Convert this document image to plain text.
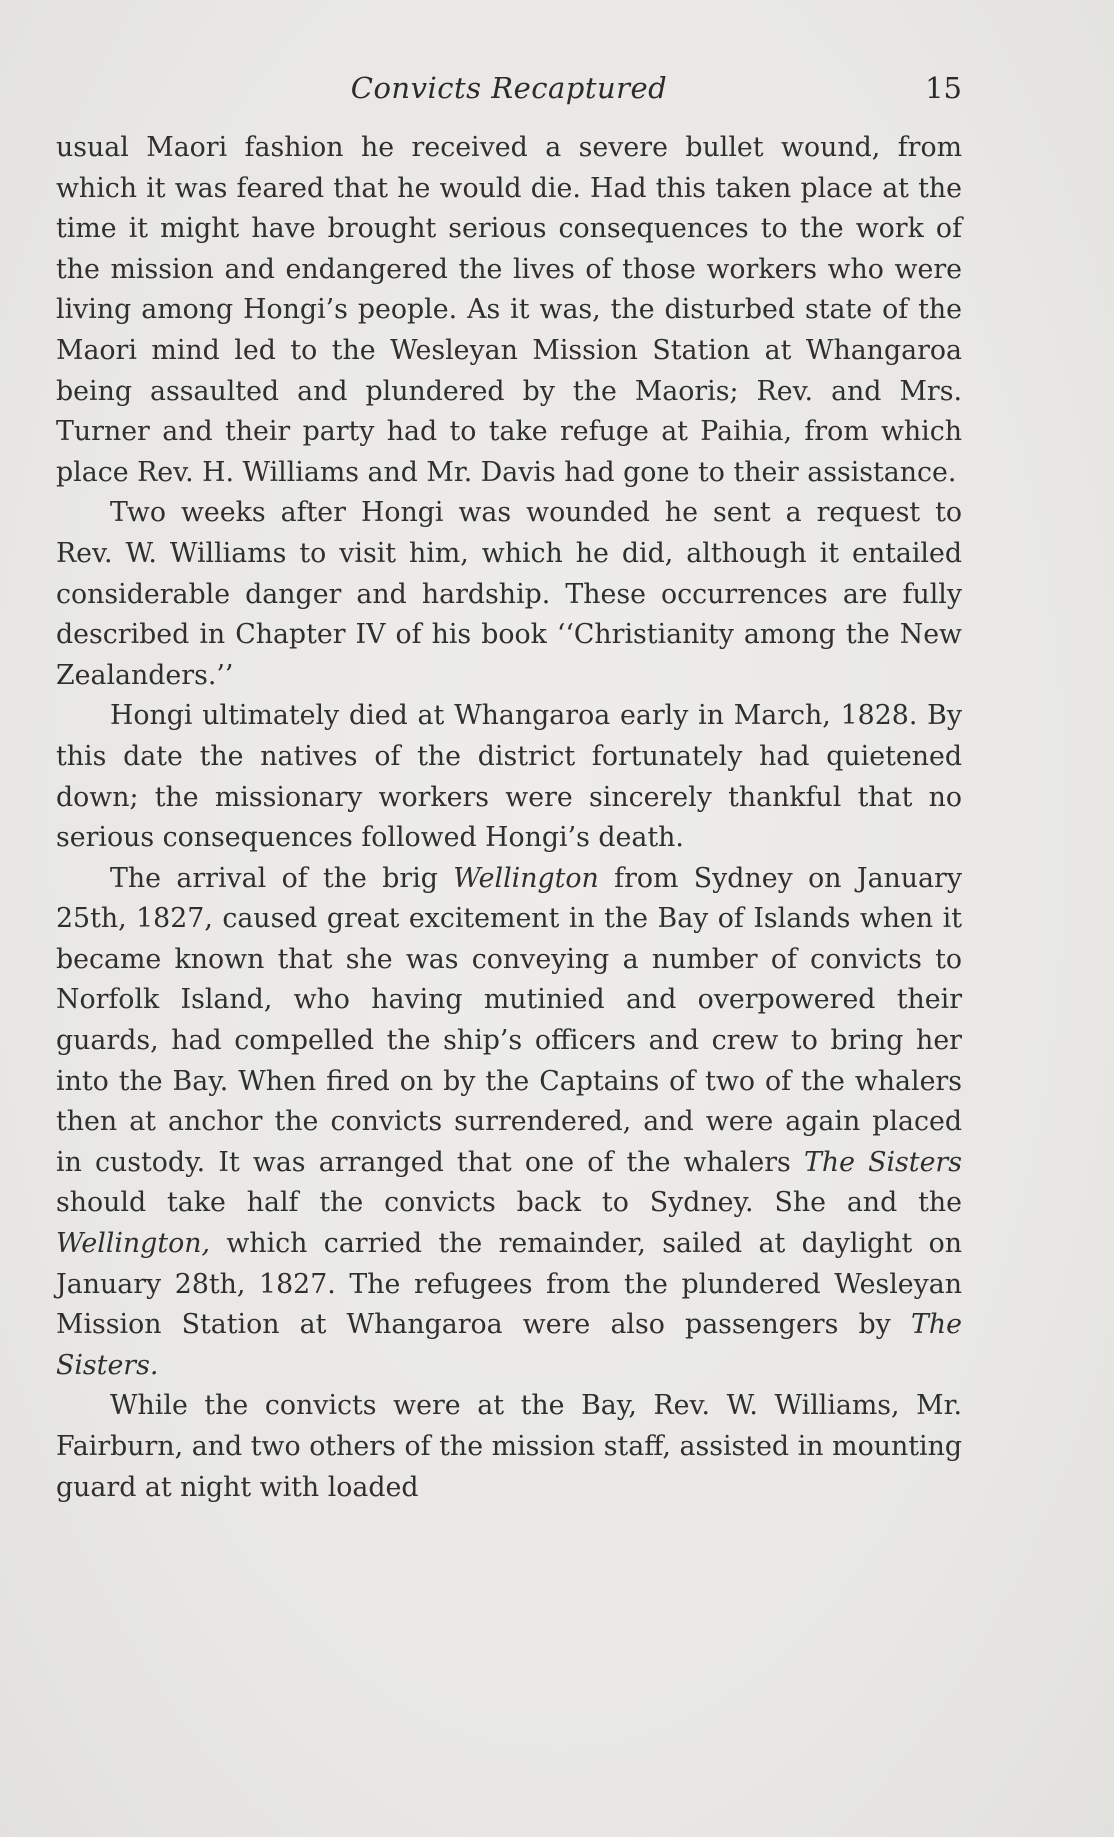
Convicts Recaptured	15

usual Maori fashion he received a severe bullet wound, from which it was feared that he would die. Had this taken place at the time it might have brought serious consequences to the work of the mission and endangered the lives of those workers who were living among Hongi’s people. As it was, the disturbed state of the Maori mind led to the Wesleyan Mission Station at Whangaroa being assaulted and plundered by the Maoris; Rev. and Mrs. Turner and their party had to take refuge at Paihia, from which place Rev. H. Williams and Mr. Davis had gone to their assistance.

Two weeks after Hongi was wounded he sent a request to Rev. W. Williams to visit him, which he did, although it entailed considerable danger and hardship. These occurrences are fully described in Chapter IV of his book ‘‘Christianity among the New Zealanders.’’

Hongi ultimately died at Whangaroa early in March, 1828. By this date the natives of the district fortunately had quietened down; the missionary workers were sincerely thankful that no serious consequences followed Hongi’s death.

The arrival of the brig Wellington from Sydney on January 25th, 1827, caused great excitement in the Bay of Islands when it became known that she was conveying a number of convicts to Norfolk Island, who having mutinied and overpowered their guards, had compelled the ship’s officers and crew to bring her into the Bay. When fired on by the Captains of two of the whalers then at anchor the convicts surrendered, and were again placed in custody. It was arranged that one of the whalers The Sisters should take half the convicts back to Sydney. She and the Wellington, which carried the remainder, sailed at daylight on January 28th, 1827. The refugees from the plundered Wesleyan Mission Station at Whangaroa were also passengers by The Sisters.

While the convicts were at the Bay, Rev. W. Williams, Mr. Fairburn, and two others of the mission staff, assisted in mounting guard at night with loaded
